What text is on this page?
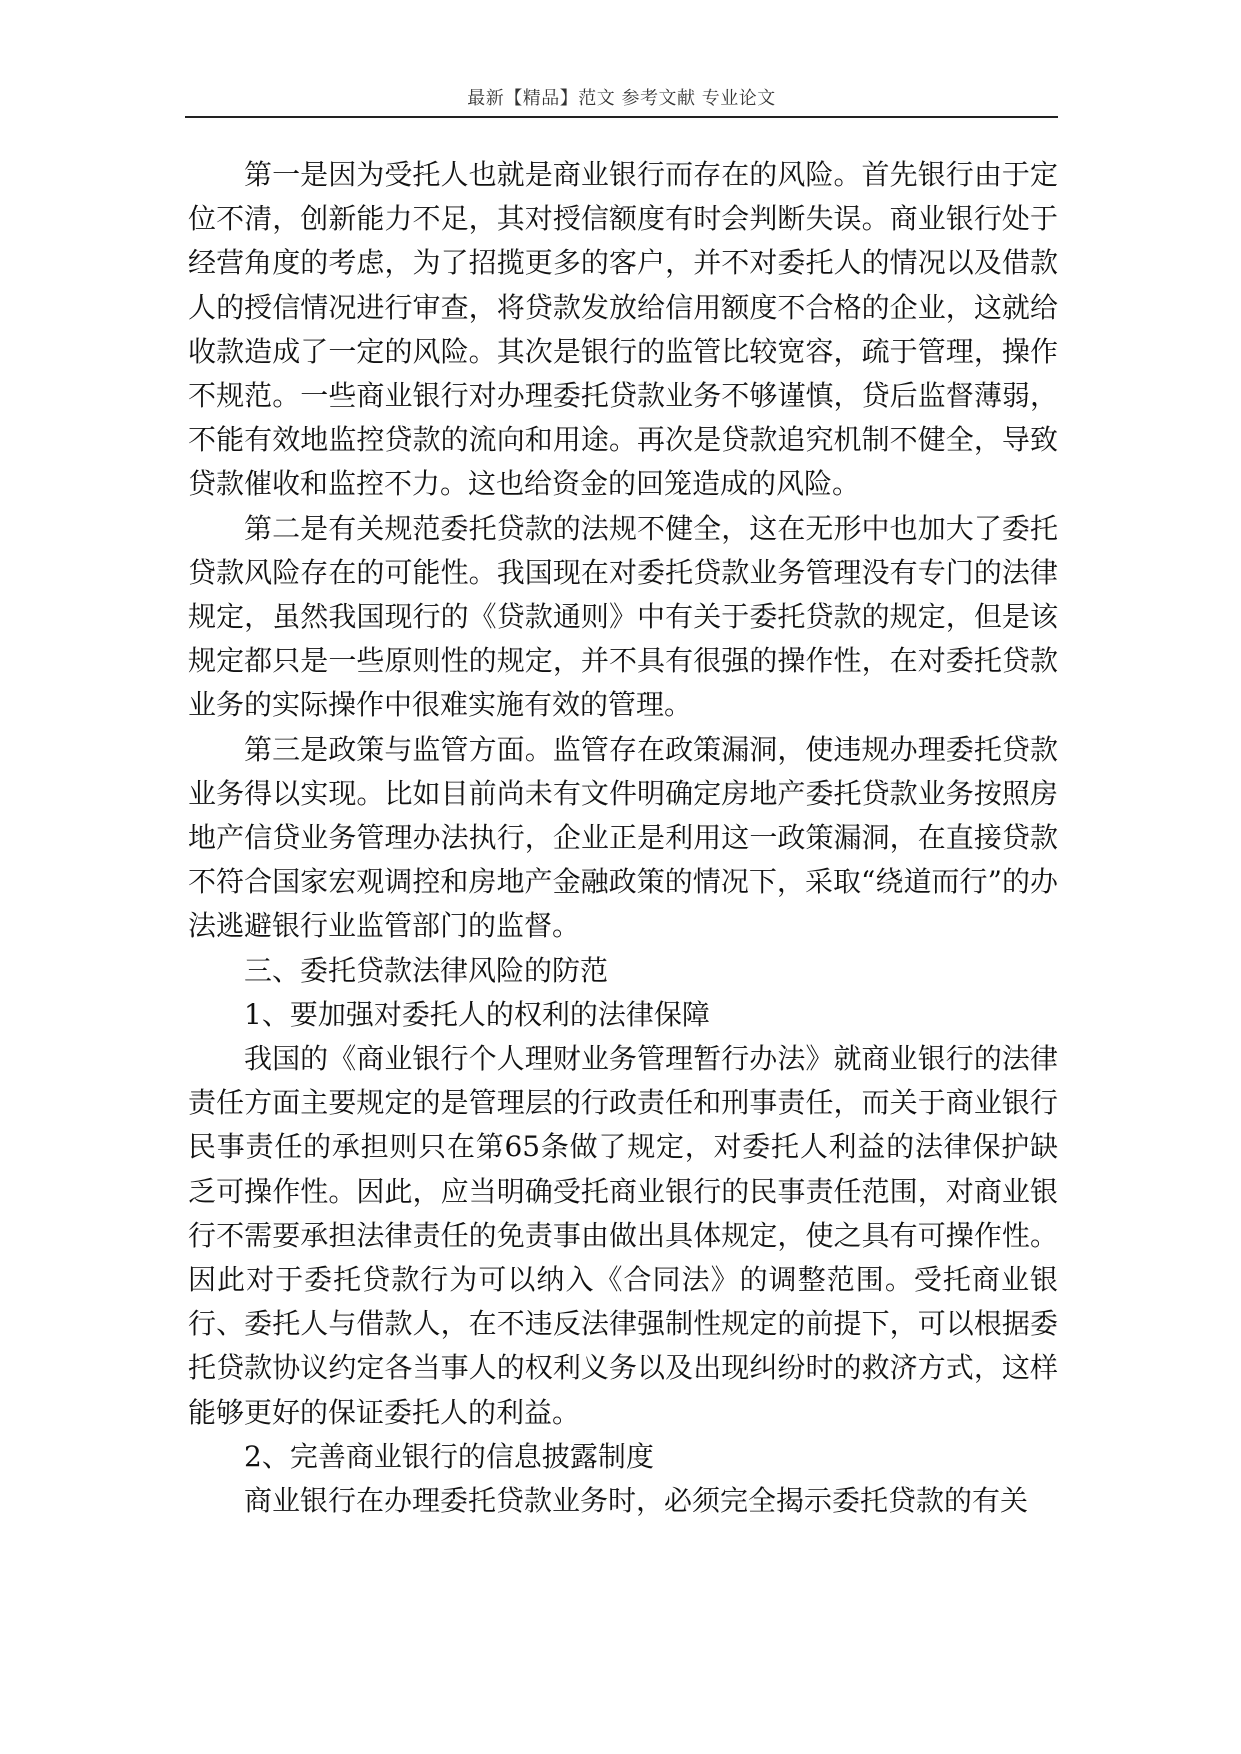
最新【精品】范文 参考文献 专业论文

第一是因为受托人也就是商业银行而存在的风险。首先银行由于定位不清，创新能力不足，其对授信额度有时会判断失误。商业银行处于经营角度的考虑，为了招揽更多的客户，并不对委托人的情况以及借款人的授信情况进行审查，将贷款发放给信用额度不合格的企业，这就给收款造成了一定的风险。其次是银行的监管比较宽容，疏于管理，操作不规范。一些商业银行对办理委托贷款业务不够谨慎，贷后监督薄弱，不能有效地监控贷款的流向和用途。再次是贷款追究机制不健全，导致贷款催收和监控不力。这也给资金的回笼造成的风险。

第二是有关规范委托贷款的法规不健全，这在无形中也加大了委托贷款风险存在的可能性。我国现在对委托贷款业务管理没有专门的法律规定，虽然我国现行的《贷款通则》中有关于委托贷款的规定，但是该规定都只是一些原则性的规定，并不具有很强的操作性，在对委托贷款业务的实际操作中很难实施有效的管理。

第三是政策与监管方面。监管存在政策漏洞，使违规办理委托贷款业务得以实现。比如目前尚未有文件明确定房地产委托贷款业务按照房地产信贷业务管理办法执行，企业正是利用这一政策漏洞，在直接贷款不符合国家宏观调控和房地产金融政策的情况下，采取“绕道而行”的办法逃避银行业监管部门的监督。

三、委托贷款法律风险的防范

1、要加强对委托人的权利的法律保障

我国的《商业银行个人理财业务管理暂行办法》就商业银行的法律责任方面主要规定的是管理层的行政责任和刑事责任，而关于商业银行民事责任的承担则只在第65条做了规定，对委托人利益的法律保护缺乏可操作性。因此，应当明确受托商业银行的民事责任范围，对商业银行不需要承担法律责任的免责事由做出具体规定，使之具有可操作性。因此对于委托贷款行为可以纳入《合同法》的调整范围。受托商业银行、委托人与借款人，在不违反法律强制性规定的前提下，可以根据委托贷款协议约定各当事人的权利义务以及出现纠纷时的救济方式，这样能够更好的保证委托人的利益。

2、完善商业银行的信息披露制度

商业银行在办理委托贷款业务时，必须完全揭示委托贷款的有关
